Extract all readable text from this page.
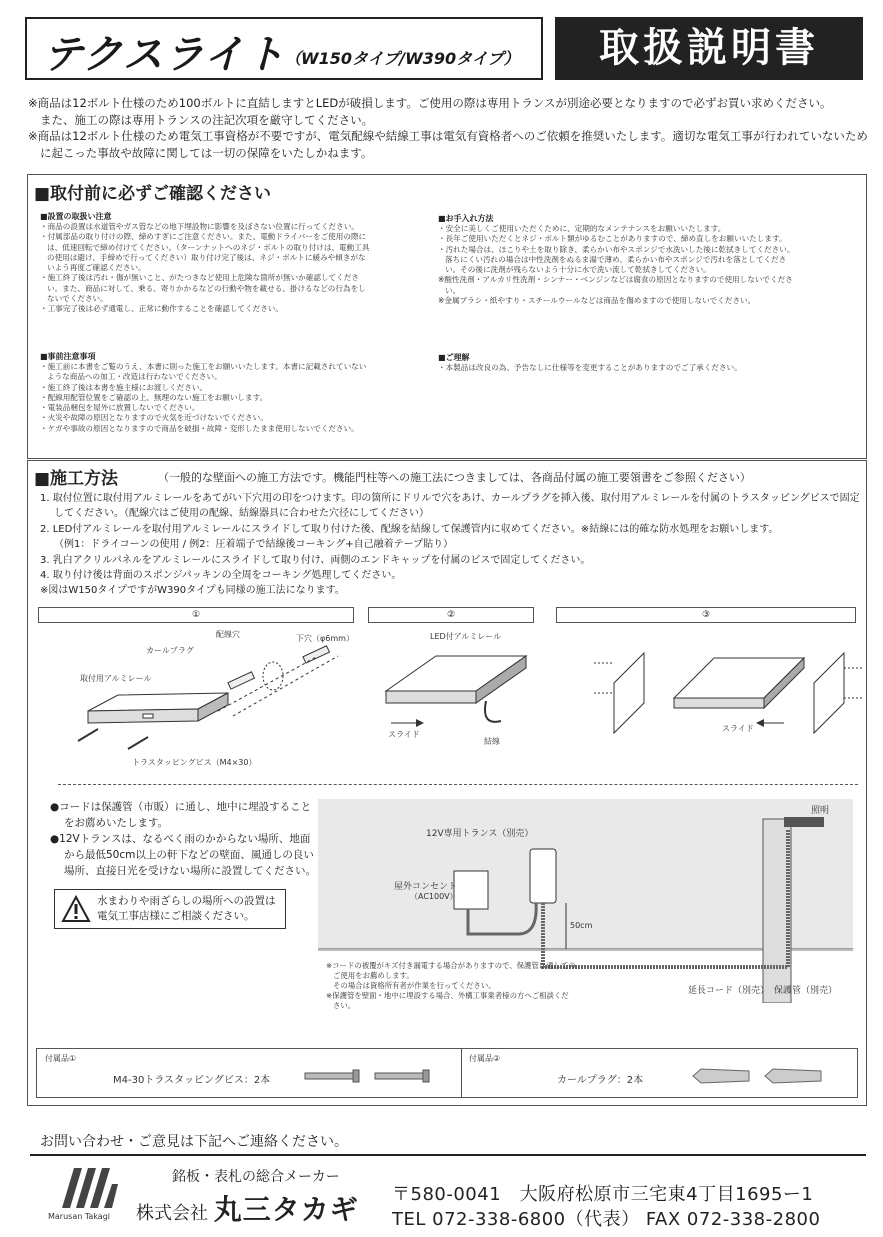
テクスライト （W150タイプ/W390タイプ）	取扱説明書

※商品は12ボルト仕様のため100ボルトに直結しますとLEDが破損します。ご使用の際は専用トランスが別途必要となりますので必ずお買い求めください。

また、施工の際は専用トランスの注記次項を厳守してください。

※商品は12ボルト仕様のため電気工事資格が不要ですが、電気配線や結線工事は電気有資格者へのご依頼を推奨いたします。適切な電気工事が行われていないために起こった事故や故障に関しては一切の保障をいたしかねます。

■取付前に必ずご確認ください
■設置の取扱い注意

・商品の設置は水道管やガス管などの地下埋設物に影響を及ぼさない位置に行ってください。

・付属部品の取り付けの際、締めすぎにご注意ください。また、電動ドライバーをご使用の際には、低速回転で締め付けてください。（ターンナットへのネジ・ボルトの取り付けは、電動工具の使用は避け、手締めで行ってください）取り付け完了後は、ネジ・ボルトに緩みや傾きがないよう再度ご確認ください。

・施工終了後は汚れ・傷が無いこと、がたつきなど使用上危険な箇所が無いか確認してください。また、商品に対して、乗る、寄りかかるなどの行動や物を載せる、掛けるなどの行為をしないでください。

・工事完了後は必ず通電し、正常に動作することを確認してください。

■事前注意事項

・施工前に本書をご覧のうえ、本書に則った施工をお願いいたします。本書に記載されていないような商品への加工・改造は行わないでください。

・施工終了後は本書を施主様にお渡しください。

・配線用配管位置をご確認の上、無理のない施工をお願いします。

・電装品梱包を屋外に放置しないでください。

・火災や故障の原因となりますので火気を近づけないでください。

・ケガや事故の原因となりますので商品を破損・故障・変形したまま使用しないでください。

■お手入れ方法

・安全に美しくご使用いただくために、定期的なメンテナンスをお願いいたします。

・長年ご使用いただくとネジ・ボルト類がゆるむことがありますので、締め直しをお願いいたします。

・汚れた場合は、ほこりや土を取り除き、柔らかい布やスポンジで水洗いした後に乾拭きしてください。落ちにくい汚れの場合は中性洗剤をぬるま湯で薄め、柔らかい布やスポンジで汚れを落としてください。その後に洗剤が残らないよう十分に水で洗い流して乾拭きしてください。

※酸性洗剤・アルカリ性洗剤・シンナー・ベンジンなどは腐食の原因となりますので使用しないでください。

※金属ブラシ・紙やすり・スチールウールなどは商品を傷めますので使用しないでください。

■ご理解

・本製品は改良の為、予告なしに仕様等を変更することがありますのでご了承ください。

■施工方法	（一般的な壁面への施工方法です。機能門柱等への施工法につきましては、各商品付属の施工要領書をご参照ください）

1. 取付位置に取付用アルミレールをあてがい下穴用の印をつけます。印の箇所にドリルで穴をあけ、カールプラグを挿入後、取付用アルミレールを付属のトラスタッピングビスで固定してください。（配線穴はご使用の配線、結線器具に合わせた穴径にしてください）

2. LED付アルミレールを取付用アルミレールにスライドして取り付けた後、配線を結線して保護管内に収めてください。※結線には的確な防水処理をお願いします。

（例1：ドライコーンの使用 / 例2：圧着端子で結線後コーキング+自己融着テープ貼り）

3. 乳白アクリルパネルをアルミレールにスライドして取り付け、両側のエンドキャップを付属のビスで固定してください。

4. 取り付け後は背面のスポンジパッキンの全周をコーキング処理してください。

※図はW150タイプですがW390タイプも同様の施工法になります。

①	②	③
配線穴	下穴（φ6mm）
カールプラグ
取付用アルミレール
トラスタッピングビス（M4×30）
LED付アルミレール
スライド
結線
スライド

●コードは保護管（市販）に通し、地中に埋設することをお薦めいたします。

●12Vトランスは、なるべく雨のかからない場所、地面から最低50cm以上の軒下などの壁面、風通しの良い場所、直接日光を受けない場所に設置してください。

水まわりや雨ざらしの場所への設置は電気工事店様にご相談ください。
12V専用トランス（別売）
屋外コンセント
（AC100V）
50cm
照明
延長コード（別売） 保護管（別売）

※コードの被覆がキズ付き漏電する場合がありますので、保護管に通してのご使用をお薦めします。

その場合は資格所有者が作業を行ってください。

※保護管を壁面・地中に埋設する場合、外構工事業者様の方へご相談ください。

付属品①
M4-30トラスタッピングビス：2本
付属品②
カールプラグ：2本
お問い合わせ・ご意見は下記へご連絡ください。
Marusan Takagi
銘板・表札の総合メーカー
株式会社 丸三タカギ 〒580-0041　大阪府松原市三宅東4丁目1695ー1
TEL 072-338-6800（代表） FAX 072-338-2800
